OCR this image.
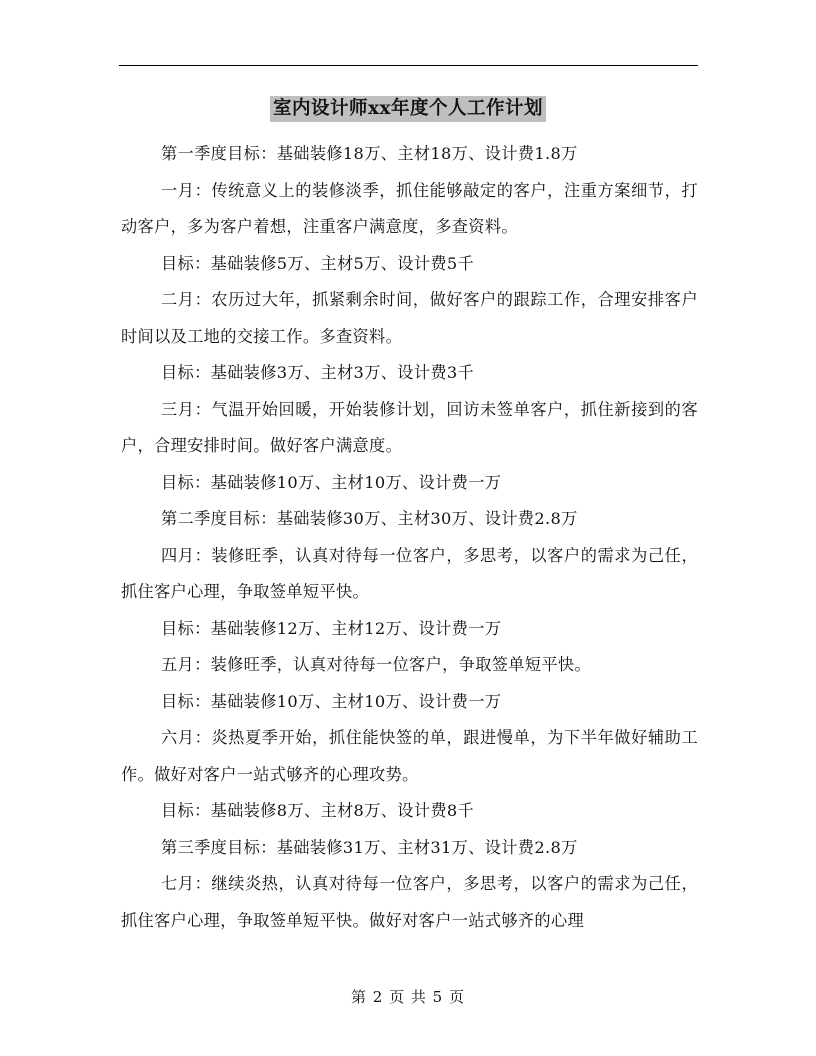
室内设计师xx年度个人工作计划

第一季度目标：基础装修18万、主材18万、设计费1.8万

一月：传统意义上的装修淡季，抓住能够敲定的客户，注重方案细节，打动客户，多为客户着想，注重客户满意度，多查资料。

目标：基础装修5万、主材5万、设计费5千

二月：农历过大年，抓紧剩余时间，做好客户的跟踪工作，合理安排客户时间以及工地的交接工作。多查资料。

目标：基础装修3万、主材3万、设计费3千

三月：气温开始回暖，开始装修计划，回访未签单客户，抓住新接到的客户，合理安排时间。做好客户满意度。

目标：基础装修10万、主材10万、设计费一万

第二季度目标：基础装修30万、主材30万、设计费2.8万

四月：装修旺季，认真对待每一位客户，多思考，以客户的需求为己任，抓住客户心理，争取签单短平快。

目标：基础装修12万、主材12万、设计费一万

五月：装修旺季，认真对待每一位客户，争取签单短平快。

目标：基础装修10万、主材10万、设计费一万

六月：炎热夏季开始，抓住能快签的单，跟进慢单，为下半年做好辅助工作。做好对客户一站式够齐的心理攻势。

目标：基础装修8万、主材8万、设计费8千

第三季度目标：基础装修31万、主材31万、设计费2.8万

七月：继续炎热，认真对待每一位客户，多思考，以客户的需求为己任，抓住客户心理，争取签单短平快。做好对客户一站式够齐的心理

第 2 页 共 5 页
